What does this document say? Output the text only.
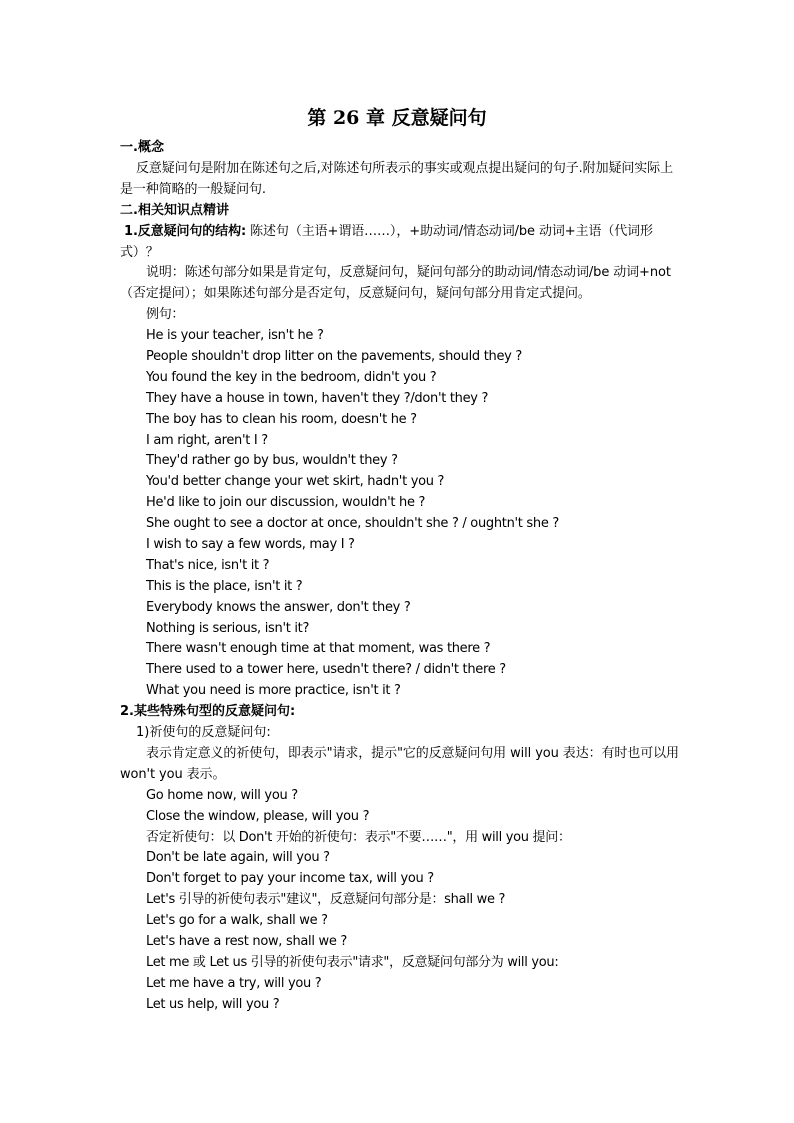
第 26 章 反意疑问句
一.概念
反意疑问句是附加在陈述句之后,对陈述句所表示的事实或观点提出疑问的句子.附加疑问实际上是一种简略的一般疑问句.
二.相关知识点精讲
1.反意疑问句的结构: 陈述句（主语+谓语……），+助动词/情态动词/be 动词+主语（代词形式）？
说明：陈述句部分如果是肯定句，反意疑问句，疑问句部分的助动词/情态动词/be 动词+not （否定提问）；如果陈述句部分是否定句，反意疑问句，疑问句部分用肯定式提问。
例句：
He is your teacher, isn't he ?
People shouldn't drop litter on the pavements, should they ?
You found the key in the bedroom, didn't you ?
They have a house in town, haven't they ?/don't they ?
The boy has to clean his room, doesn't he ?
I am right, aren't I ?
They'd rather go by bus, wouldn't they ?
You'd better change your wet skirt, hadn't you ?
He'd like to join our discussion, wouldn't he ?
She ought to see a doctor at once, shouldn't she ? / oughtn't she ?
I wish to say a few words, may I ?
That's nice, isn't it ?
This is the place, isn't it ?
Everybody knows the answer, don't they ?
Nothing is serious, isn't it?
There wasn't enough time at that moment, was there ?
There used to a tower here, usedn't there? / didn't there ?
What you need is more practice, isn't it ?
2.某些特殊句型的反意疑问句:
1)祈使句的反意疑问句:
表示肯定意义的祈使句，即表示"请求，提示"它的反意疑问句用 will you 表达：有时也可以用 won't you 表示。
Go home now, will you ?
Close the window, please, will you ?
否定祈使句：以 Don't 开始的祈使句：表示"不要……"，用 will you 提问：
Don't be late again, will you ?
Don't forget to pay your income tax, will you ?
Let's 引导的祈使句表示"建议"，反意疑问句部分是：shall we ?
Let's go for a walk, shall we ?
Let's have a rest now, shall we ?
Let me 或 Let us 引导的祈使句表示"请求"，反意疑问句部分为 will you:
Let me have a try, will you ?
Let us help, will you ?
